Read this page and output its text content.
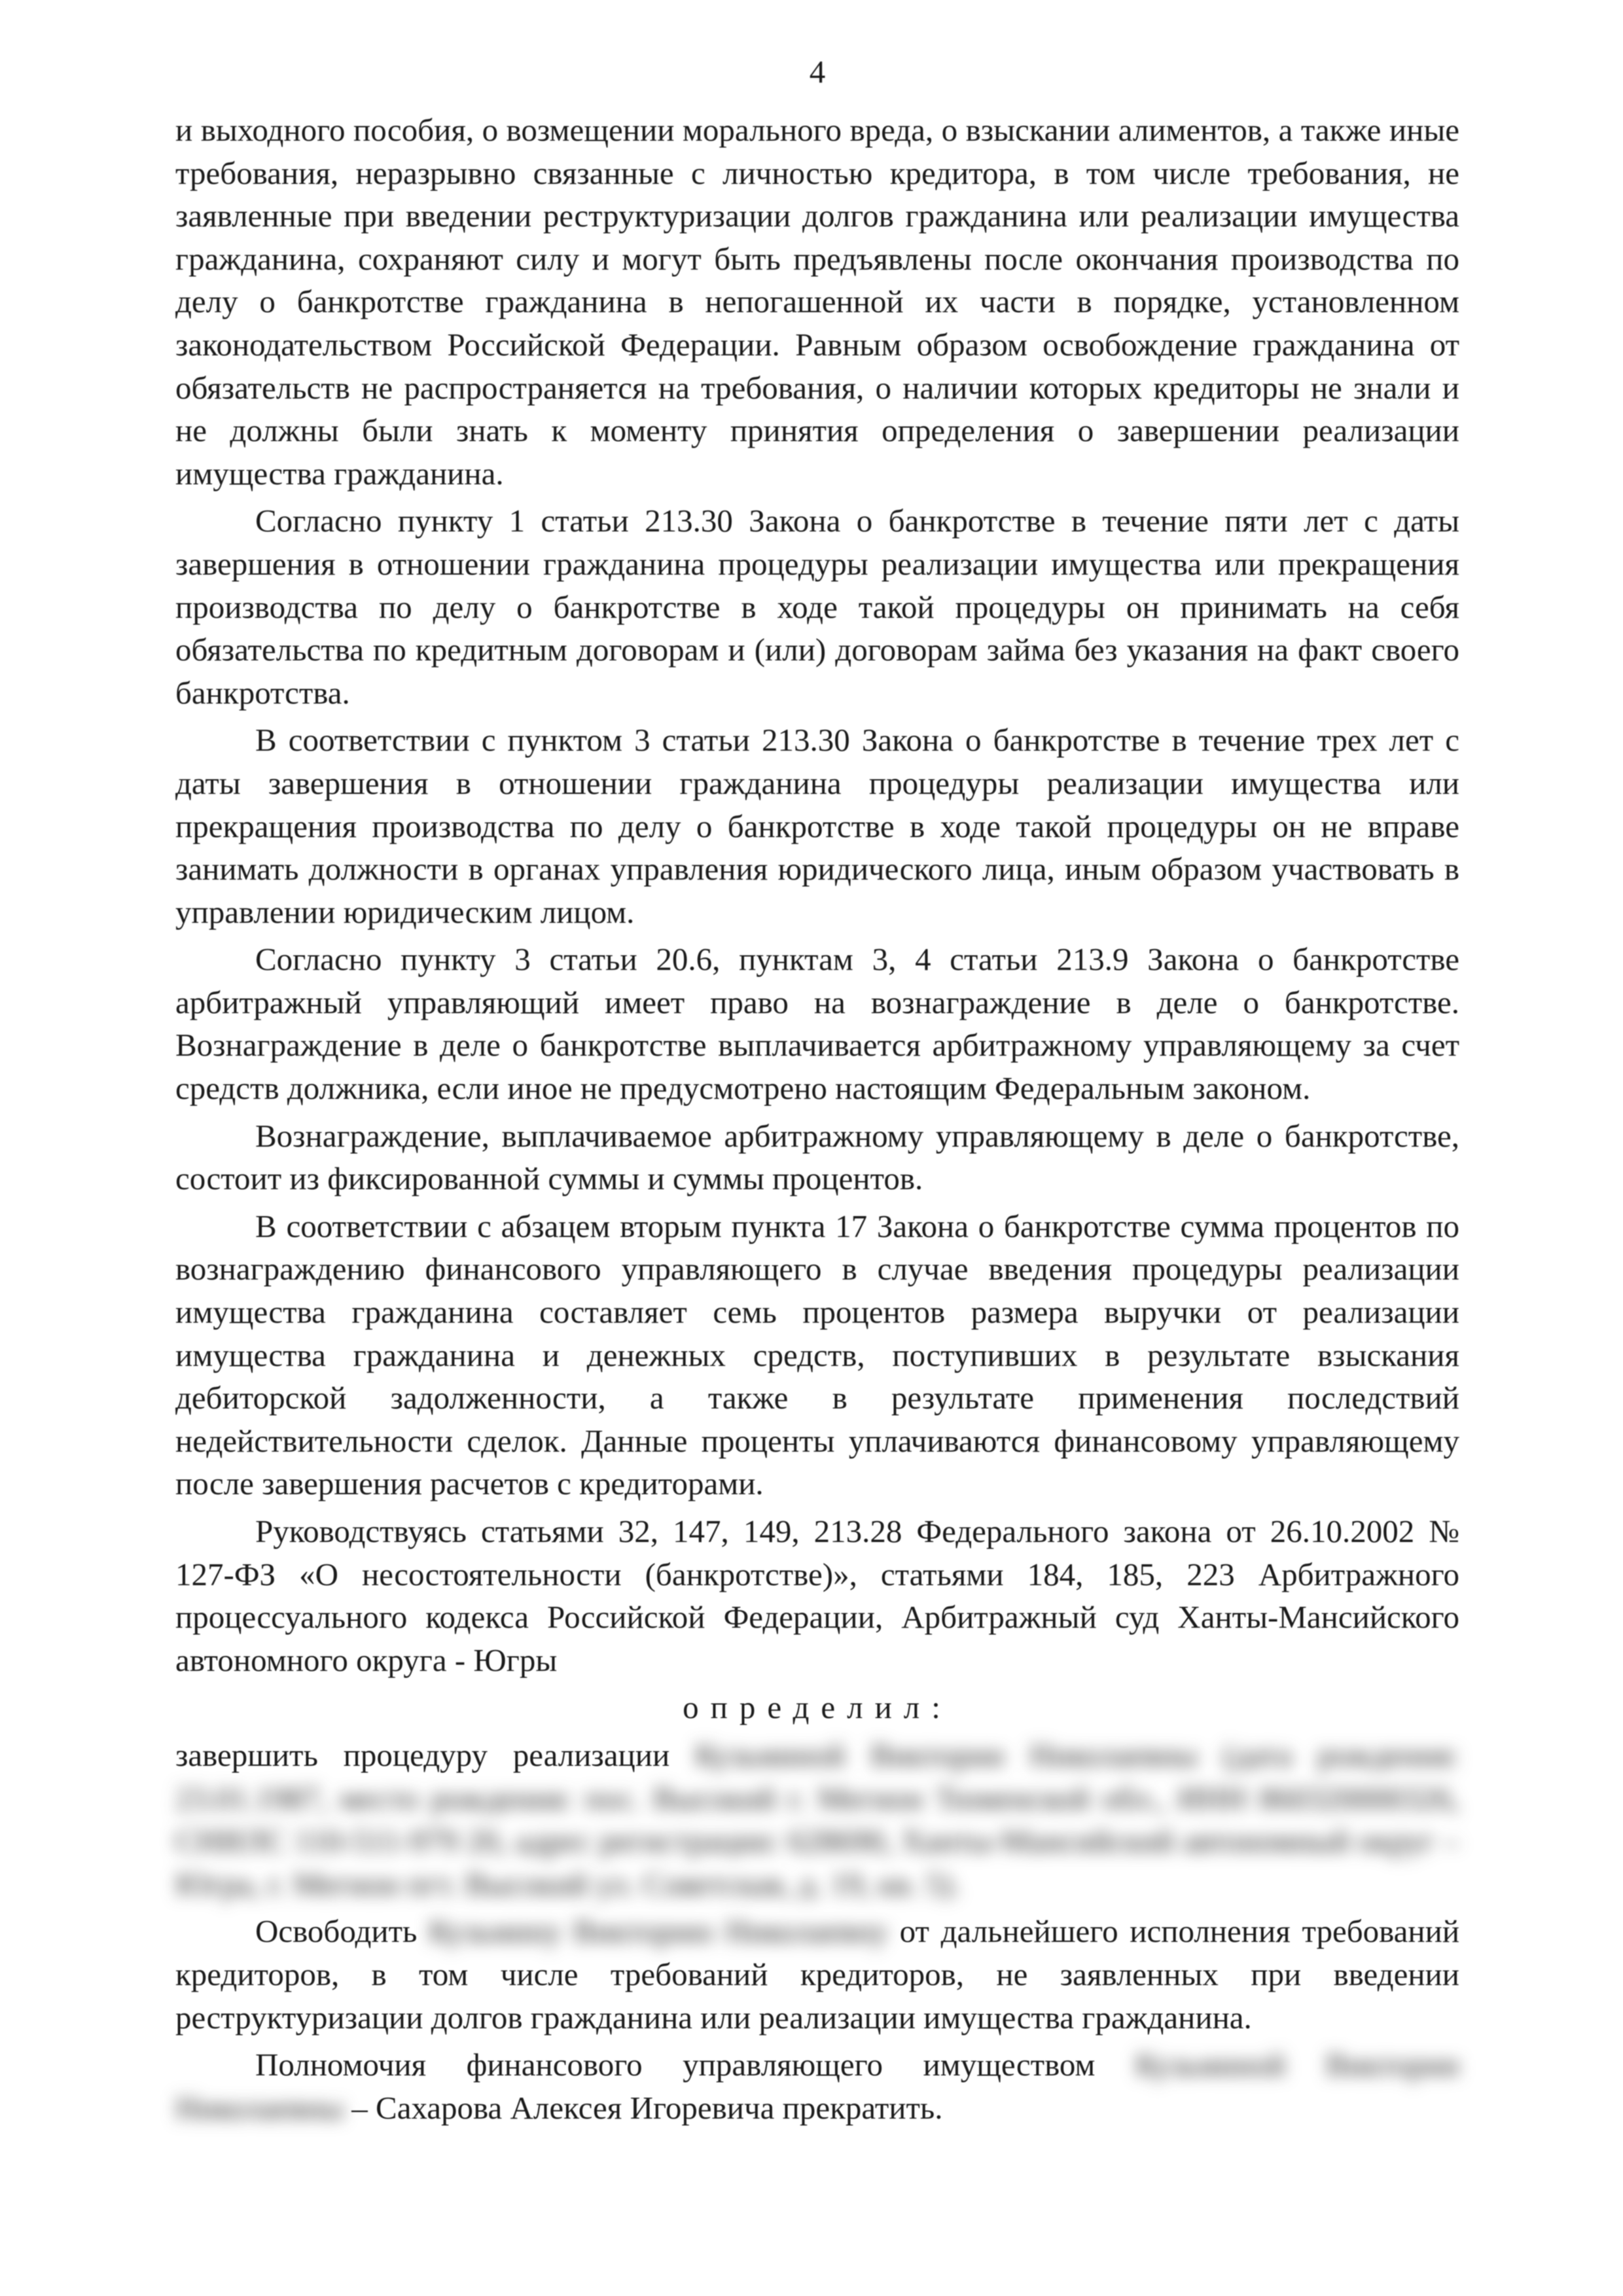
4

и выходного пособия, о возмещении морального вреда, о взыскании алиментов, а также иные требования, неразрывно связанные с личностью кредитора, в том числе требования, не заявленные при введении реструктуризации долгов гражданина или реализации имущества гражданина, сохраняют силу и могут быть предъявлены после окончания производства по делу о банкротстве гражданина в непогашенной их части в порядке, установленном законодательством Российской Федерации. Равным образом освобождение гражданина от обязательств не распространяется на требования, о наличии которых кредиторы не знали и не должны были знать к моменту принятия определения о завершении реализации имущества гражданина.

Согласно пункту 1 статьи 213.30 Закона о банкротстве в течение пяти лет с даты завершения в отношении гражданина процедуры реализации имущества или прекращения производства по делу о банкротстве в ходе такой процедуры он принимать на себя обязательства по кредитным договорам и (или) договорам займа без указания на факт своего банкротства.

В соответствии с пунктом 3 статьи 213.30 Закона о банкротстве в течение трех лет с даты завершения в отношении гражданина процедуры реализации имущества или прекращения производства по делу о банкротстве в ходе такой процедуры он не вправе занимать должности в органах управления юридического лица, иным образом участвовать в управлении юридическим лицом.

Согласно пункту 3 статьи 20.6, пунктам 3, 4 статьи 213.9 Закона о банкротстве арбитражный управляющий имеет право на вознаграждение в деле о банкротстве. Вознаграждение в деле о банкротстве выплачивается арбитражному управляющему за счет средств должника, если иное не предусмотрено настоящим Федеральным законом.

Вознаграждение, выплачиваемое арбитражному управляющему в деле о банкротстве, состоит из фиксированной суммы и суммы процентов.

В соответствии с абзацем вторым пункта 17 Закона о банкротстве сумма процентов по вознаграждению финансового управляющего в случае введения процедуры реализации имущества гражданина составляет семь процентов размера выручки от реализации имущества гражданина и денежных средств, поступивших в результате взыскания дебиторской задолженности, а также в результате применения последствий недействительности сделок. Данные проценты уплачиваются финансовому управляющему после завершения расчетов с кредиторами.

Руководствуясь статьями 32, 147, 149, 213.28 Федерального закона от 26.10.2002 № 127-ФЗ «О несостоятельности (банкротстве)», статьями 184, 185, 223 Арбитражного процессуального кодекса Российской Федерации, Арбитражный суд Ханты-Мансийского автономного округа - Югры

определил:

завершить процедуру реализации Кузьминой Виктории Николаевны (дата рождения: 23.01.1987, место рождения: пос. Высокий г. Мегион Тюменской обл., ИНН 860320000326, СНИЛС 110-511-979 20, адрес регистрации: 628690, Ханты-Мансийский автономный округ – Югра, г. Мегион пгт. Высокий ул. Советская, д. 19, кв. 5).

Освободить Кузьмину Викторию Николаевну от дальнейшего исполнения требований кредиторов, в том числе требований кредиторов, не заявленных при введении реструктуризации долгов гражданина или реализации имущества гражданина.

Полномочия финансового управляющего имуществом Кузьминой Виктории Николаевны – Сахарова Алексея Игоревича прекратить.
